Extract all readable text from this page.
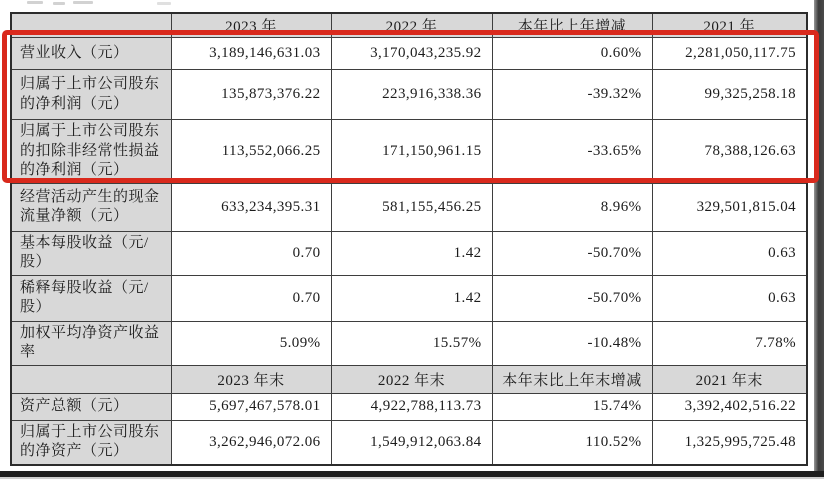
	2023 年	2022 年	本年比上年增减	2021 年
营业收入（元）	3,189,146,631.03	3,170,043,235.92	0.60%	2,281,050,117.75
归属于上市公司股东的净利润（元）	135,873,376.22	223,916,338.36	-39.32%	99,325,258.18
归属于上市公司股东的扣除非经常性损益的净利润（元）	113,552,066.25	171,150,961.15	-33.65%	78,388,126.63
经营活动产生的现金流量净额（元）	633,234,395.31	581,155,456.25	8.96%	329,501,815.04
基本每股收益（元/股）	0.70	1.42	-50.70%	0.63
稀释每股收益（元/股）	0.70	1.42	-50.70%	0.63
加权平均净资产收益率	5.09%	15.57%	-10.48%	7.78%
	2023 年末	2022 年末	本年末比上年末增减	2021 年末
资产总额（元）	5,697,467,578.01	4,922,788,113.73	15.74%	3,392,402,516.22
归属于上市公司股东的净资产（元）	3,262,946,072.06	1,549,912,063.84	110.52%	1,325,995,725.48
